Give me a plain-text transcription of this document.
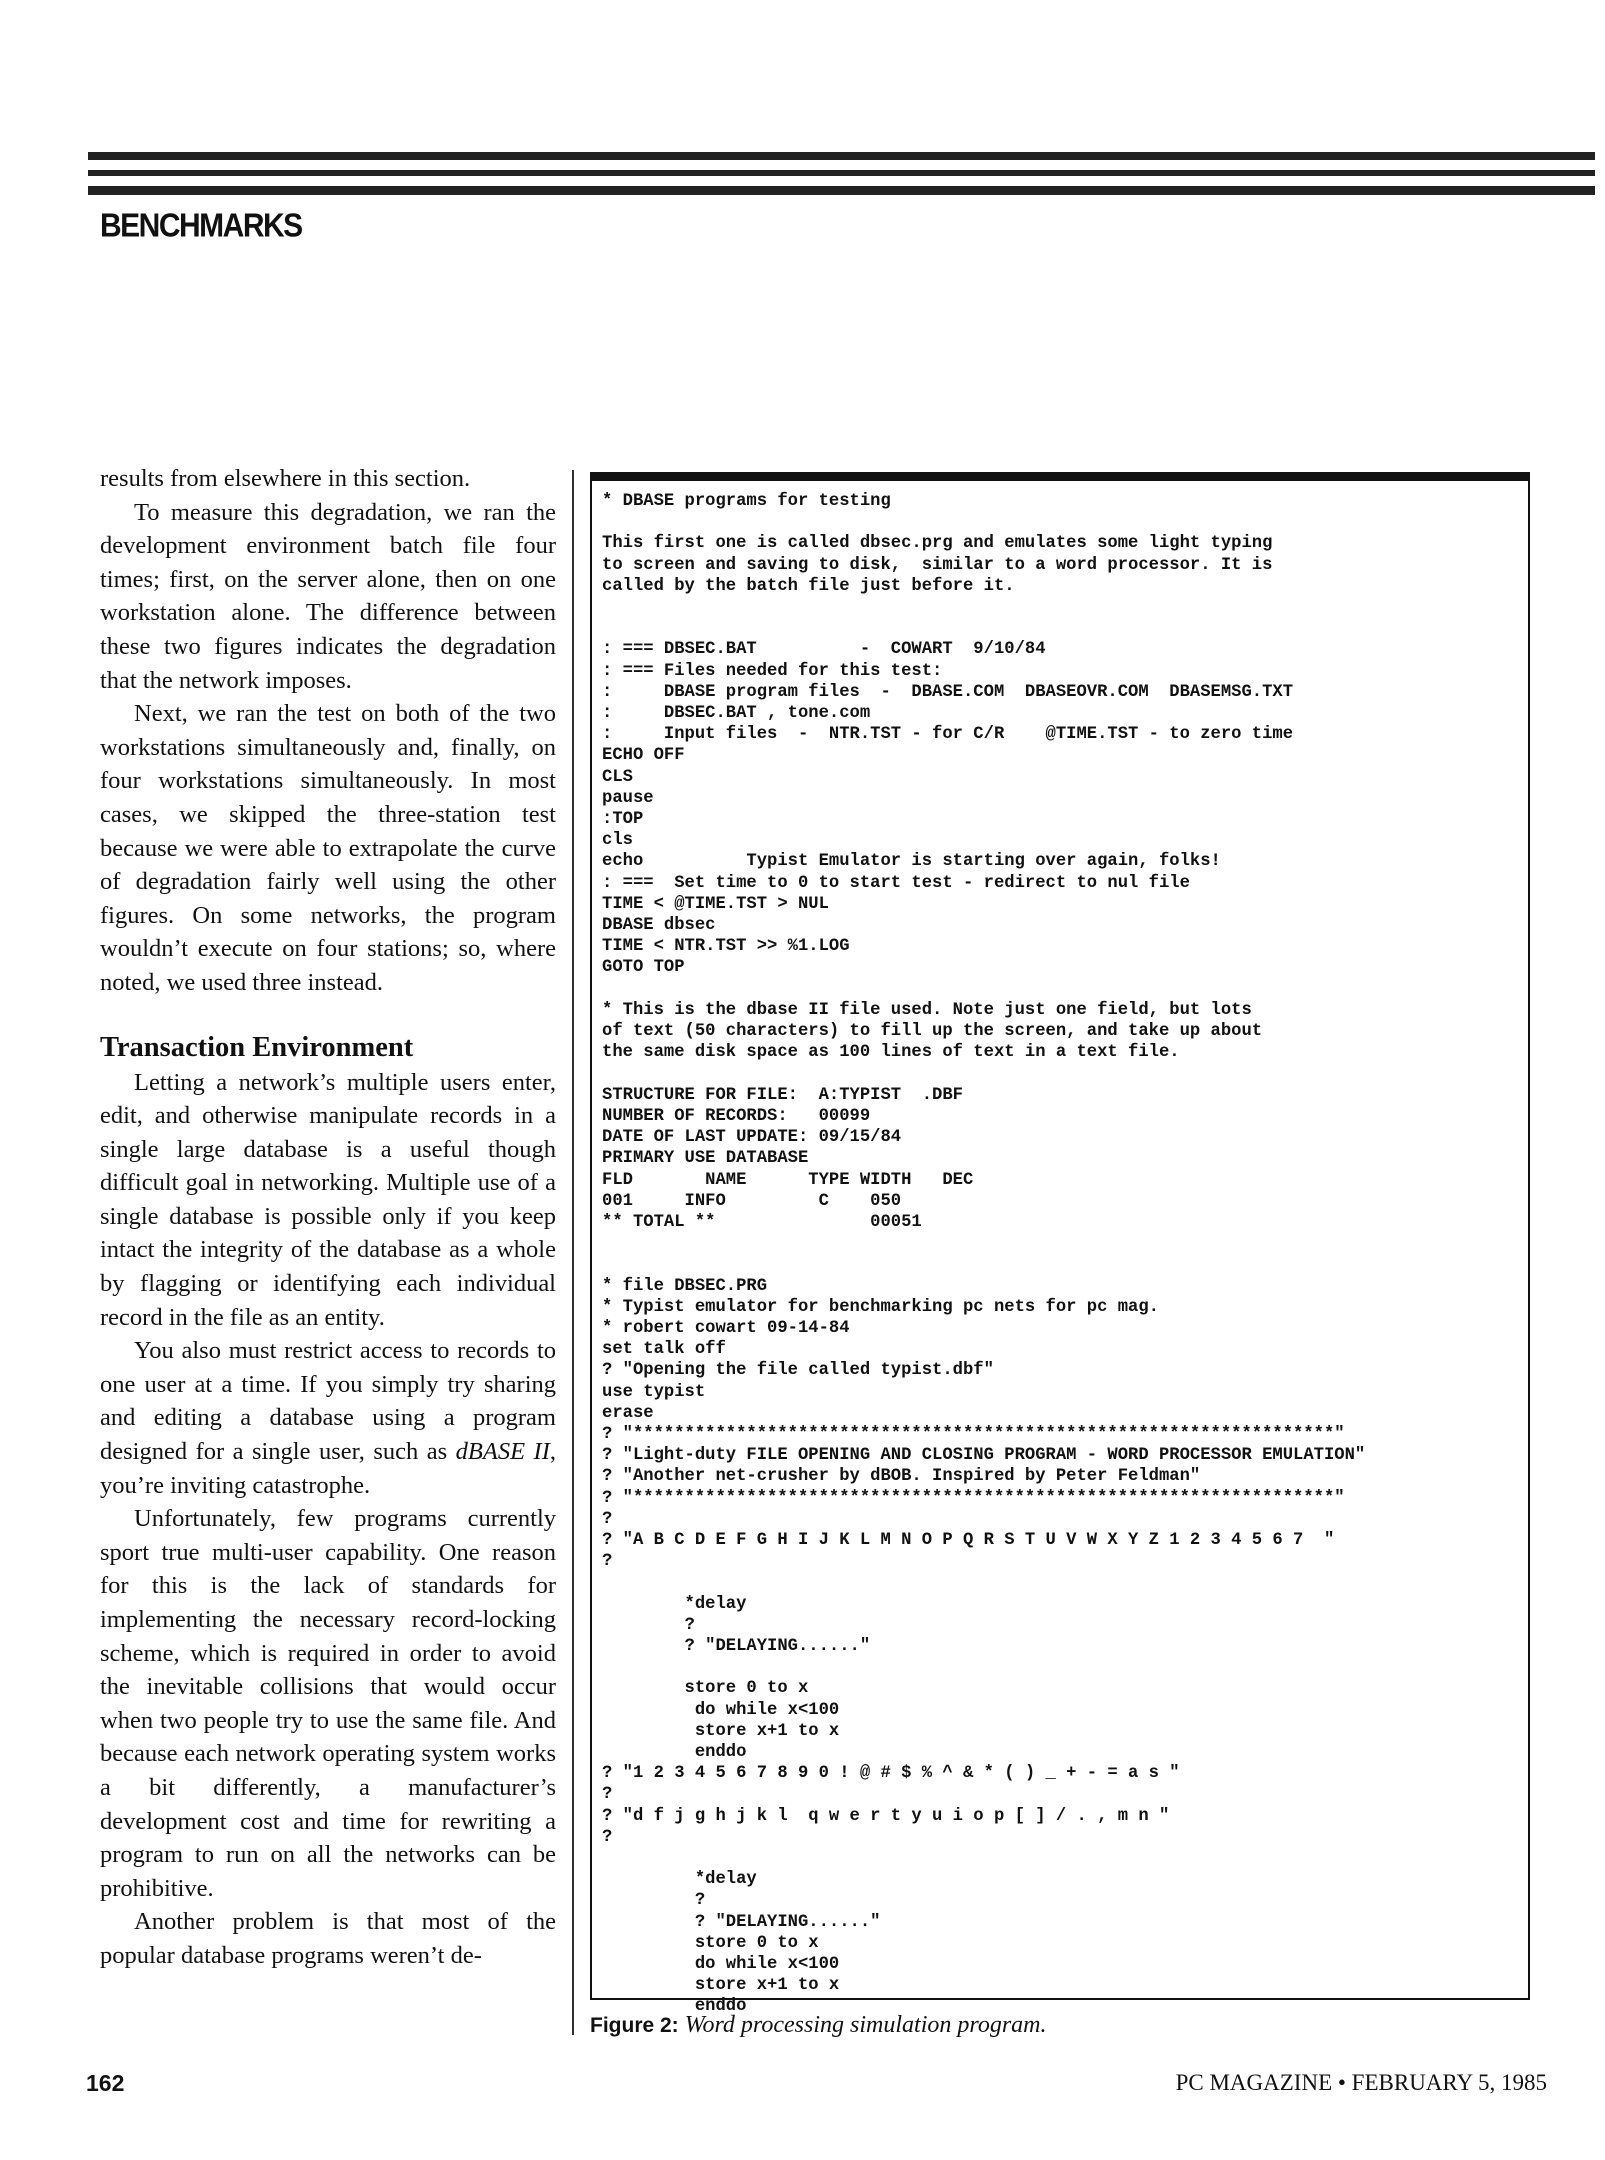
BENCHMARKS

results from elsewhere in this section.

To measure this degradation, we ran the development environment batch file four times; first, on the server alone, then on one workstation alone. The difference between these two figures indicates the degradation that the network imposes.

Next, we ran the test on both of the two workstations simultaneously and, finally, on four workstations simultaneously. In most cases, we skipped the three-station test because we were able to extrapolate the curve of degradation fairly well using the other figures. On some networks, the program wouldn’t execute on four stations; so, where noted, we used three instead.

Transaction Environment

Letting a network’s multiple users enter, edit, and otherwise manipulate records in a single large database is a useful though difficult goal in networking. Multiple use of a single database is possible only if you keep intact the integrity of the database as a whole by flagging or identifying each individual record in the file as an entity.

You also must restrict access to records to one user at a time. If you simply try sharing and editing a database using a program designed for a single user, such as dBASE II, you’re inviting catastrophe.

Unfortunately, few programs currently sport true multi-user capability. One reason for this is the lack of standards for implementing the necessary record-locking scheme, which is required in order to avoid the inevitable collisions that would occur when two people try to use the same file. And because each network operating system works a bit differently, a manufacturer’s development cost and time for rewriting a program to run on all the networks can be prohibitive.

Another problem is that most of the popular database programs weren’t de-

* DBASE programs for testing

This first one is called dbsec.prg and emulates some light typing
to screen and saving to disk,  similar to a word processor. It is
called by the batch file just before it.

: === DBSEC.BAT          -  COWART  9/10/84
: === Files needed for this test:
:     DBASE program files  -  DBASE.COM  DBASEOVR.COM  DBASEMSG.TXT
:     DBSEC.BAT , tone.com
:     Input files  -  NTR.TST - for C/R    @TIME.TST - to zero time
ECHO OFF
CLS
pause
:TOP
cls
echo          Typist Emulator is starting over again, folks!
: ===  Set time to 0 to start test - redirect to nul file
TIME < @TIME.TST > NUL
DBASE dbsec
TIME < NTR.TST >> %1.LOG
GOTO TOP

* This is the dbase II file used. Note just one field, but lots
of text (50 characters) to fill up the screen, and take up about
the same disk space as 100 lines of text in a text file.

STRUCTURE FOR FILE:  A:TYPIST  .DBF
NUMBER OF RECORDS:   00099
DATE OF LAST UPDATE: 09/15/84
PRIMARY USE DATABASE
FLD       NAME      TYPE WIDTH   DEC
001     INFO         C    050
** TOTAL **               00051

* file DBSEC.PRG
* Typist emulator for benchmarking pc nets for pc mag.
* robert cowart 09-14-84
set talk off
? "Opening the file called typist.dbf"
use typist
erase
? "********************************************************************"
? "Light-duty FILE OPENING AND CLOSING PROGRAM - WORD PROCESSOR EMULATION"
? "Another net-crusher by dBOB. Inspired by Peter Feldman"
? "********************************************************************"
?
? "A B C D E F G H I J K L M N O P Q R S T U V W X Y Z 1 2 3 4 5 6 7  "
?

*delay
?
? "DELAYING......"

store 0 to x
do while x<100
store x+1 to x
enddo
? "1 2 3 4 5 6 7 8 9 0 ! @ # $ % ^ & * ( ) _ + - = a s "
?
? "d f j g h j k l  q w e r t y u i o p [ ] / . , m n "
?

*delay
?
? "DELAYING......"
store 0 to x
do while x<100
store x+1 to x
enddo
Figure 2: Word processing simulation program.
162	PC MAGAZINE • FEBRUARY 5, 1985
